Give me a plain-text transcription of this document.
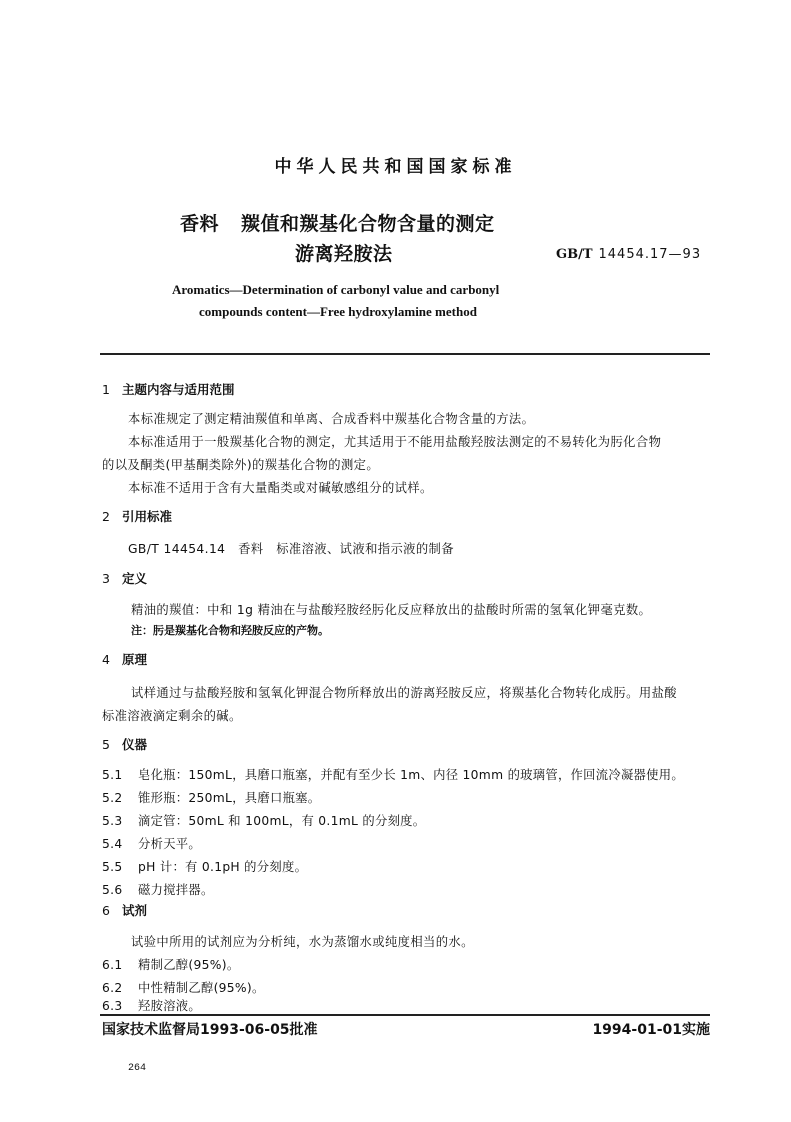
中华人民共和国国家标准
香料 羰值和羰基化合物含量的测定
游离羟胺法	GB/T 14454.17—93
Aromatics—Determination of carbonyl value and carbonyl
compounds content—Free hydroxylamine method
1 主题内容与适用范围
本标准规定了测定精油羰值和单离、合成香料中羰基化合物含量的方法。
本标准适用于一般羰基化合物的测定，尤其适用于不能用盐酸羟胺法测定的不易转化为肟化合物
的以及酮类(甲基酮类除外)的羰基化合物的测定。
本标准不适用于含有大量酯类或对碱敏感组分的试样。
2 引用标准
GB/T 14454.14　香料　标准溶液、试液和指示液的制备
3 定义
精油的羰值：中和 1g 精油在与盐酸羟胺经肟化反应释放出的盐酸时所需的氢氧化钾毫克数。
注：肟是羰基化合物和羟胺反应的产物。
4 原理
试样通过与盐酸羟胺和氢氧化钾混合物所释放出的游离羟胺反应，将羰基化合物转化成肟。用盐酸
标准溶液滴定剩余的碱。
5 仪器
5.1 皂化瓶：150mL，具磨口瓶塞，并配有至少长 1m、内径 10mm 的玻璃管，作回流冷凝器使用。
5.2 锥形瓶：250mL，具磨口瓶塞。
5.3 滴定管：50mL 和 100mL，有 0.1mL 的分刻度。
5.4 分析天平。
5.5 pH 计：有 0.1pH 的分刻度。
5.6 磁力搅拌器。
6 试剂
试验中所用的试剂应为分析纯，水为蒸馏水或纯度相当的水。
6.1 精制乙醇(95%)。
6.2 中性精制乙醇(95%)。
6.3 羟胺溶液。
国家技术监督局1993-06-05批准	1994-01-01实施
264
